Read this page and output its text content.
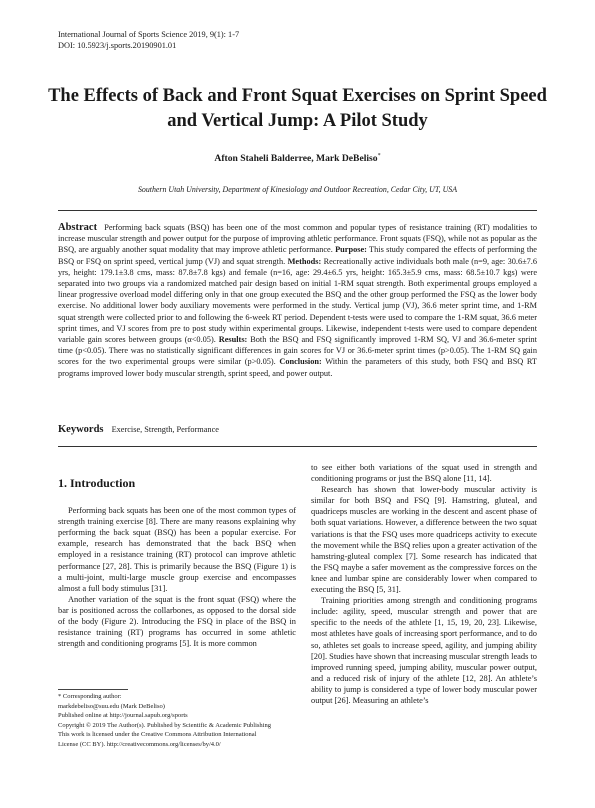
International Journal of Sports Science 2019, 9(1): 1-7
DOI: 10.5923/j.sports.20190901.01
The Effects of Back and Front Squat Exercises on Sprint Speed and Vertical Jump: A Pilot Study
Afton Staheli Balderree, Mark DeBeliso*
Southern Utah University, Department of Kinesiology and Outdoor Recreation, Cedar City, UT, USA
Abstract Performing back squats (BSQ) has been one of the most common and popular types of resistance training (RT) modalities to increase muscular strength and power output for the purpose of improving athletic performance. Front squats (FSQ), while not as popular as the BSQ, are arguably another squat modality that may improve athletic performance. Purpose: This study compared the effects of performing the BSQ or FSQ on sprint speed, vertical jump (VJ) and squat strength. Methods: Recreationally active individuals both male (n=9, age: 30.6±7.6 yrs, height: 179.1±3.8 cms, mass: 87.8±7.8 kgs) and female (n=16, age: 29.4±6.5 yrs, height: 165.3±5.9 cms, mass: 68.5±10.7 kgs) were separated into two groups via a randomized matched pair design based on initial 1-RM squat strength. Both experimental groups employed a linear progressive overload model differing only in that one group executed the BSQ and the other group performed the FSQ as the lower body exercise. No additional lower body auxiliary movements were performed in the study. Vertical jump (VJ), 36.6 meter sprint time, and 1-RM squat strength were collected prior to and following the 6-week RT period. Dependent t-tests were used to compare the 1-RM squat, 36.6 meter sprint times, and VJ scores from pre to post study within experimental groups. Likewise, independent t-tests were used to compare dependent variable gain scores between groups (α<0.05). Results: Both the BSQ and FSQ significantly improved 1-RM SQ, VJ and 36.6-meter sprint time (p<0.05). There was no statistically significant differences in gain scores for VJ or 36.6-meter sprint times (p>0.05). The 1-RM SQ gain scores for the two experimental groups were similar (p>0.05). Conclusion: Within the parameters of this study, both FSQ and BSQ RT programs improved lower body muscular strength, sprint speed, and power output.
Keywords Exercise, Strength, Performance

1. Introduction

Performing back squats has been one of the most common types of strength training exercise [8]. There are many reasons explaining why performing the back squat (BSQ) has been a popular exercise. For example, research has demonstrated that the back BSQ when employed in a resistance training (RT) protocol can improve athletic performance [27, 28]. This is primarily because the BSQ (Figure 1) is a multi-joint, multi-large muscle group exercise and encompasses almost a full body stimulus [31].

Another variation of the squat is the front squat (FSQ) where the bar is positioned across the collarbones, as opposed to the dorsal side of the body (Figure 2). Introducing the FSQ in place of the BSQ in resistance training (RT) programs has occurred in some athletic strength and conditioning programs [5]. It is more common

to see either both variations of the squat used in strength and conditioning programs or just the BSQ alone [11, 14].

Research has shown that lower-body muscular activity is similar for both BSQ and FSQ [9]. Hamstring, gluteal, and quadriceps muscles are working in the descent and ascent phase of both squat variations. However, a difference between the two squat variations is that the FSQ uses more quadriceps activity to execute the movement while the BSQ relies upon a greater activation of the hamstring-gluteal complex [7]. Some research has indicated that the FSQ maybe a safer movement as the compressive forces on the knee and lumbar spine are considerably lower when compared to executing the BSQ [5, 31].

Training priorities among strength and conditioning programs include: agility, speed, muscular strength and power that are specific to the needs of the athlete [1, 15, 19, 20, 23]. Likewise, most athletes have goals of increasing sport performance, and to do so, athletes set goals to increase speed, agility, and jumping ability [20]. Studies have shown that increasing muscular strength leads to improved running speed, jumping ability, muscular power output, and a reduced risk of injury of the athlete [12, 28]. An athlete’s ability to jump is considered a type of lower body muscular power output [26]. Measuring an athlete’s

* Corresponding author:
markdebeliso@suu.edu (Mark DeBeliso)
Published online at http://journal.sapub.org/sports
Copyright © 2019 The Author(s). Published by Scientific & Academic Publishing
This work is licensed under the Creative Commons Attribution International
License (CC BY). http://creativecommons.org/licenses/by/4.0/
